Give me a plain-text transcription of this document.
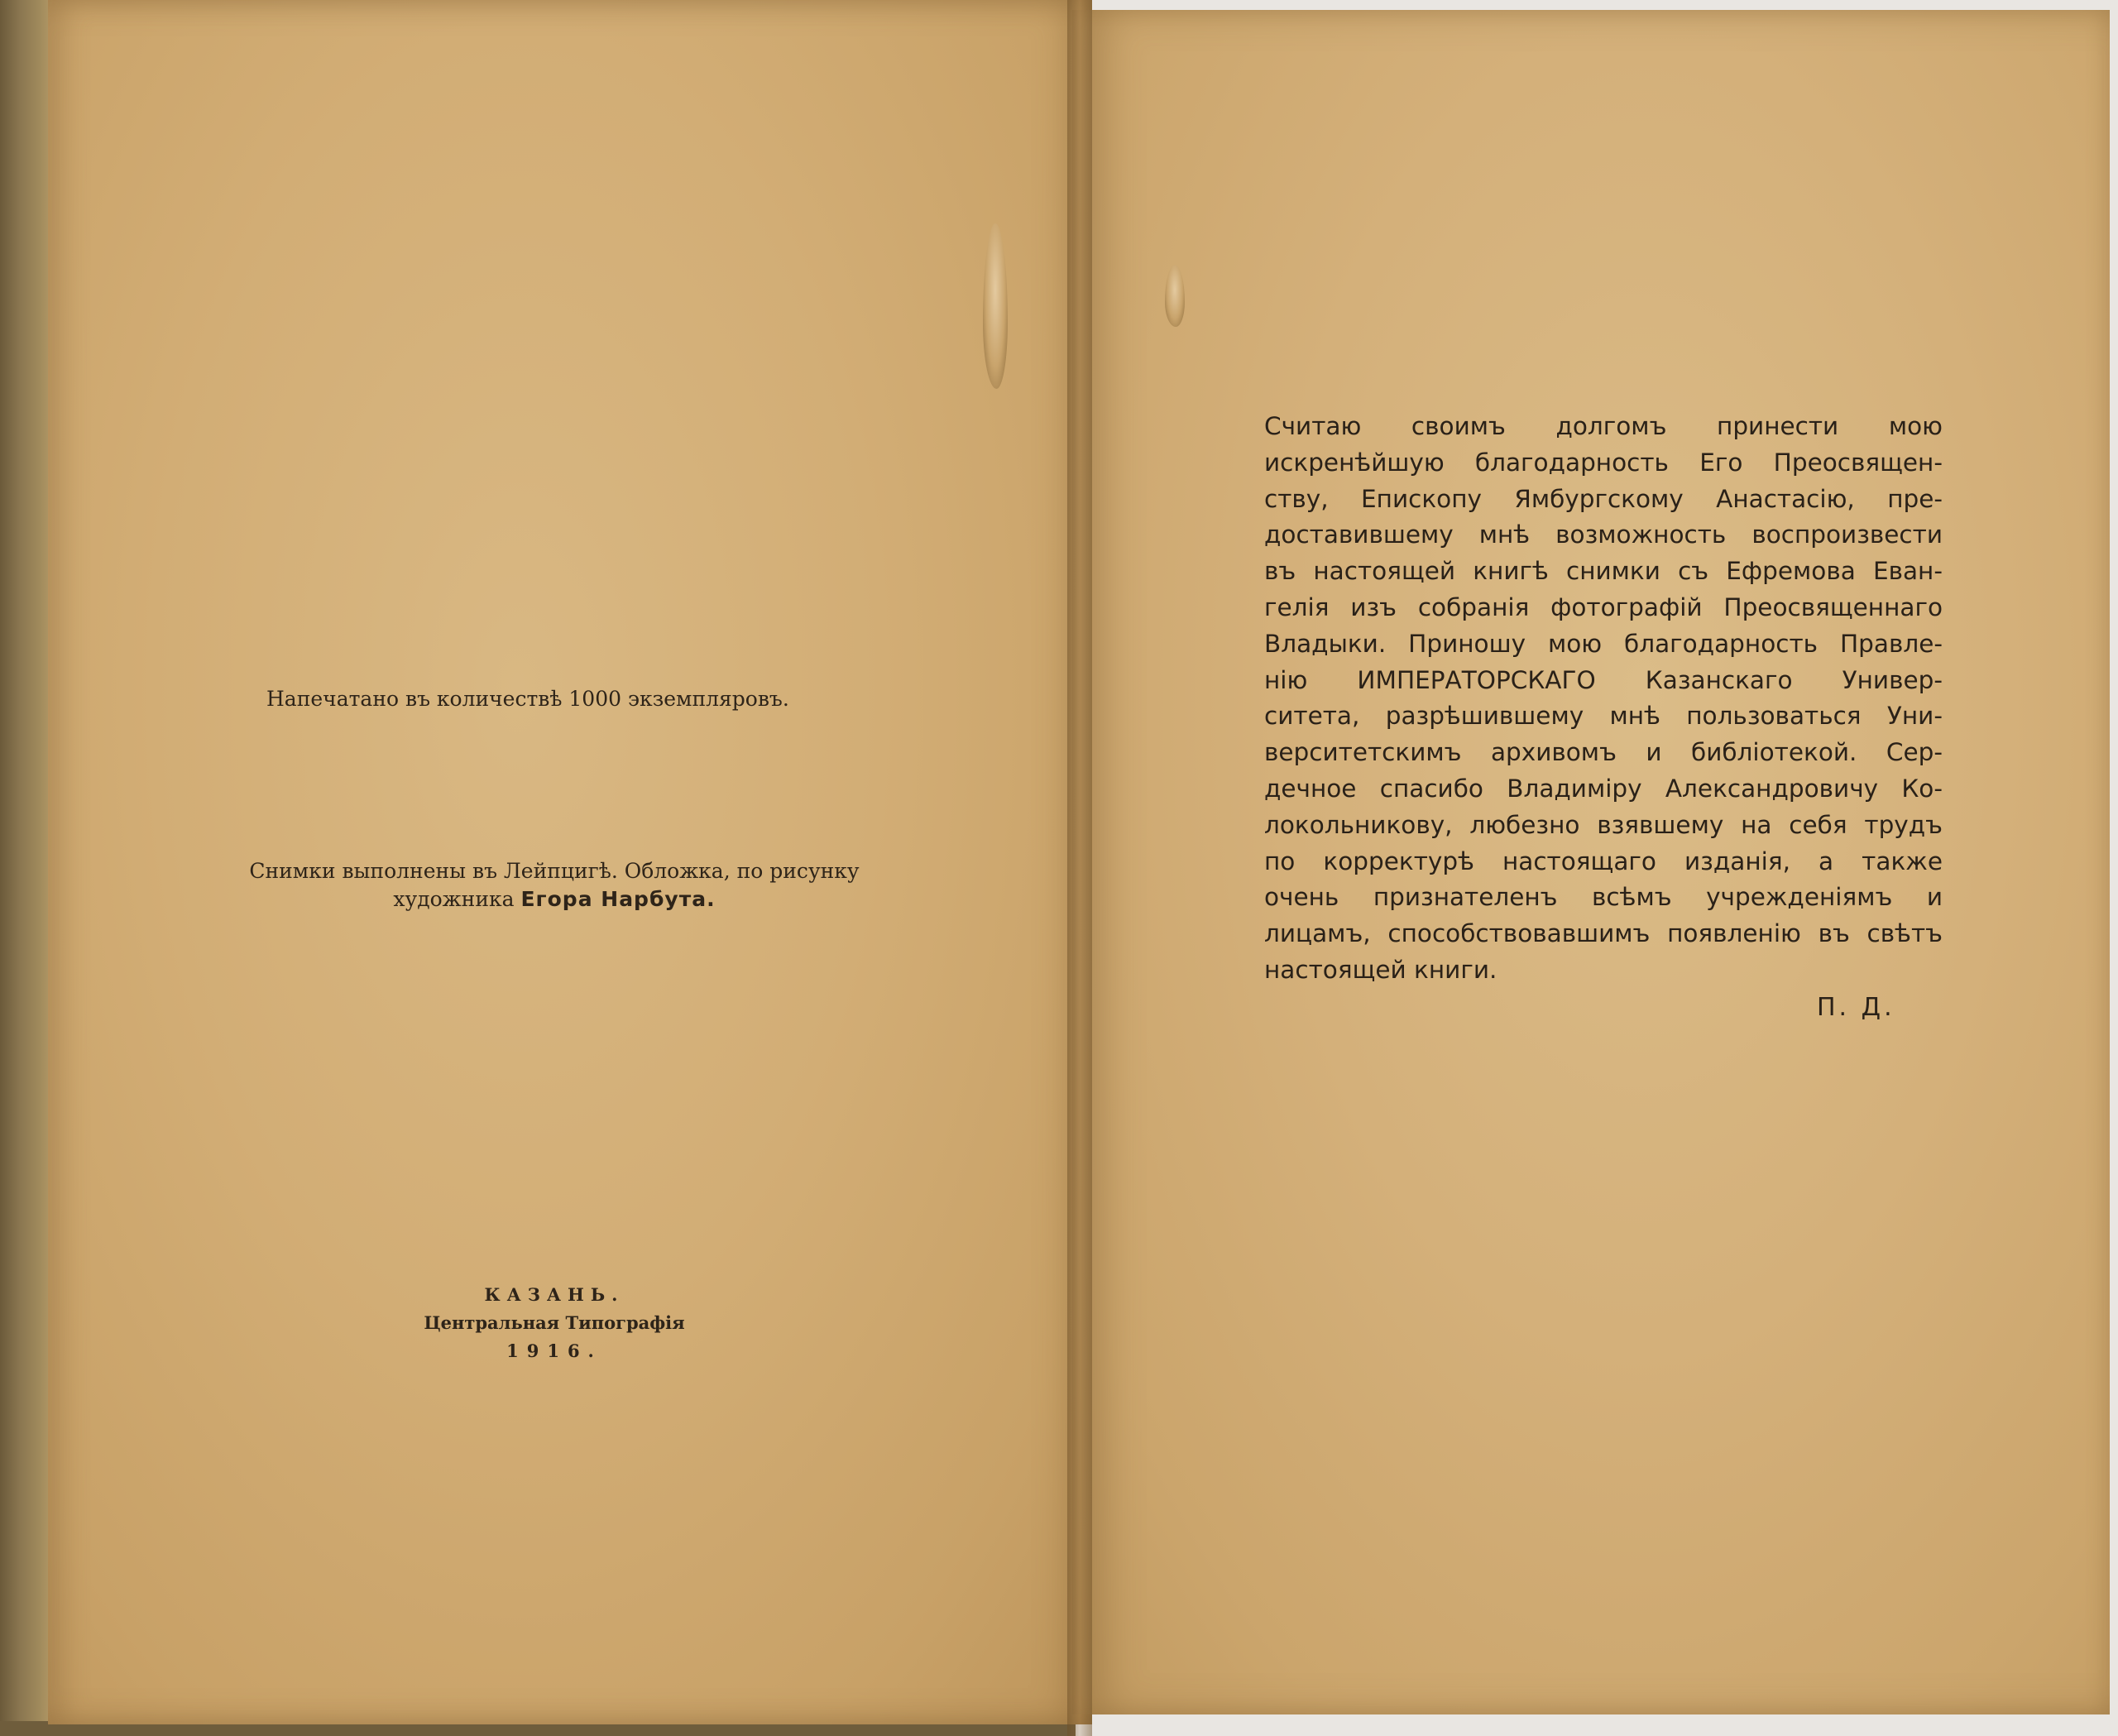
Напечатано въ количествѣ 1000 экземпляровъ.
Снимки выполнены въ Лейпцигѣ. Обложка, по рисунку
художника Егора Нарбута.
КАЗАНЬ.
Центральная Типографія
1916.
Считаю своимъ долгомъ принести мою
искренѣйшую благодарность Его Преосвящен-
ству, Епископу Ямбургскому Анастасію, пре-
доставившему мнѣ возможность воспроизвести
въ настоящей книгѣ снимки съ Ефремова Еван-
гелія изъ собранія фотографій Преосвященнаго
Владыки. Приношу мою благодарность Правле-
нію ИМПЕРАТОРСКАГО Казанскаго Универ-
ситета, разрѣшившему мнѣ пользоваться Уни-
верситетскимъ архивомъ и библіотекой. Сер-
дечное спасибо Владиміру Александровичу Ко-
локольникову, любезно взявшему на себя трудъ
по корректурѣ настоящаго изданія, а также
очень признателенъ всѣмъ учрежденіямъ и
лицамъ, способствовавшимъ появленію въ свѣтъ
настоящей книги.
П. Д.
